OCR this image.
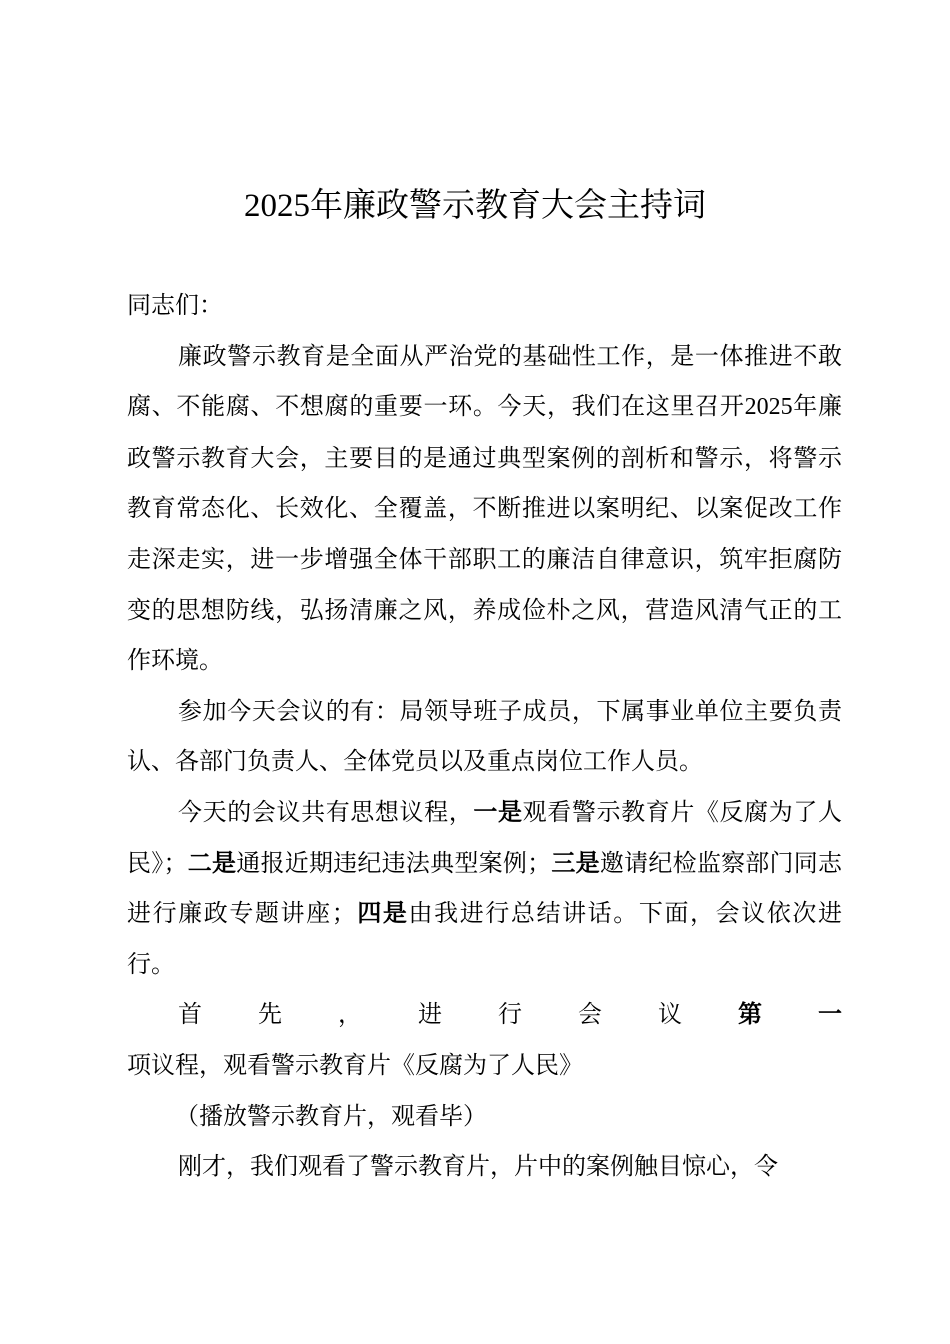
2025年廉政警示教育大会主持词

同志们：

廉政警示教育是全面从严治党的基础性工作，是一体推进不敢腐、不能腐、不想腐的重要一环。今天，我们在这里召开2025年廉政警示教育大会，主要目的是通过典型案例的剖析和警示，将警示教育常态化、长效化、全覆盖，不断推进以案明纪、以案促改工作走深走实，进一步增强全体干部职工的廉洁自律意识，筑牢拒腐防变的思想防线，弘扬清廉之风，养成俭朴之风，营造风清气正的工作环境。

参加今天会议的有：局领导班子成员，下属事业单位主要负责认、各部门负责人、全体党员以及重点岗位工作人员。

今天的会议共有思想议程，一是观看警示教育片《反腐为了人民》；二是通报近期违纪违法典型案例；三是邀请纪检监察部门同志进行廉政专题讲座；四是由我进行总结讲话。下面，会议依次进行。

首先，进行会议第一项议程，观看警示教育片《反腐为了人民》

（播放警示教育片，观看毕）

刚才，我们观看了警示教育片，片中的案例触目惊心，令
